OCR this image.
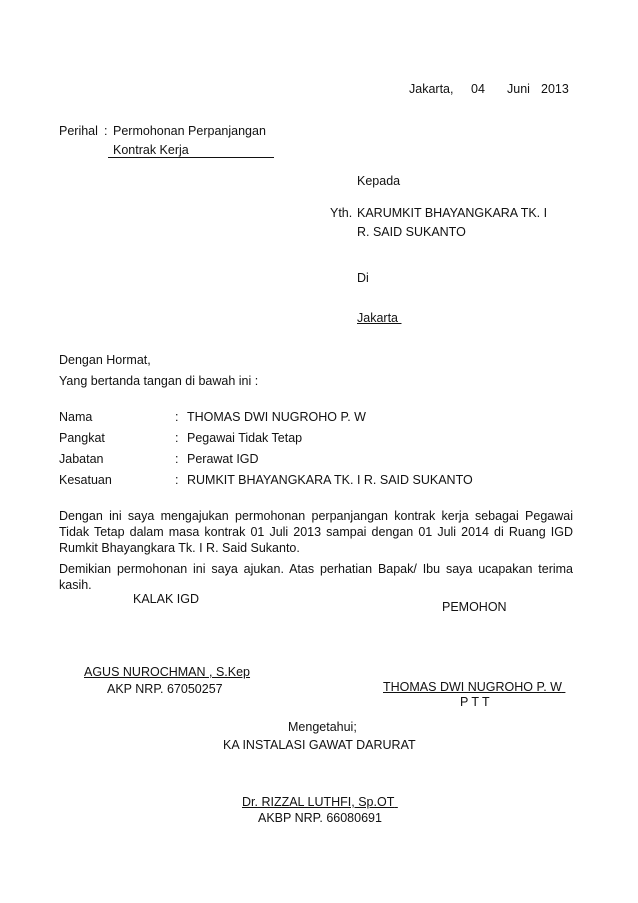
Jakarta, 04 Juni 2013
Perihal : Permohonan Perpanjangan
Kontrak Kerja
Kepada
Yth. KARUMKIT BHAYANGKARA TK. I
R. SAID SUKANTO
Di
Jakarta
Dengan Hormat,
Yang bertanda tangan di bawah ini :
Nama	: THOMAS DWI NUGROHO P. W
Pangkat	: Pegawai Tidak Tetap
Jabatan	: Perawat IGD
Kesatuan	: RUMKIT BHAYANGKARA TK. I R. SAID SUKANTO
Dengan ini saya mengajukan permohonan perpanjangan kontrak kerja sebagai Pegawai Tidak Tetap dalam masa kontrak 01 Juli 2013 sampai dengan 01 Juli 2014 di Ruang IGD Rumkit Bhayangkara Tk. I R. Said Sukanto.
Demikian permohonan ini saya ajukan. Atas perhatian Bapak/ Ibu saya ucapakan terima kasih.
KALAK IGD
PEMOHON
AGUS NUROCHMAN , S.Kep
AKP NRP. 67050257	THOMAS DWI NUGROHO P. W
P T T
Mengetahui;
KA INSTALASI GAWAT DARURAT
Dr. RIZZAL LUTHFI, Sp.OT
AKBP NRP. 66080691
